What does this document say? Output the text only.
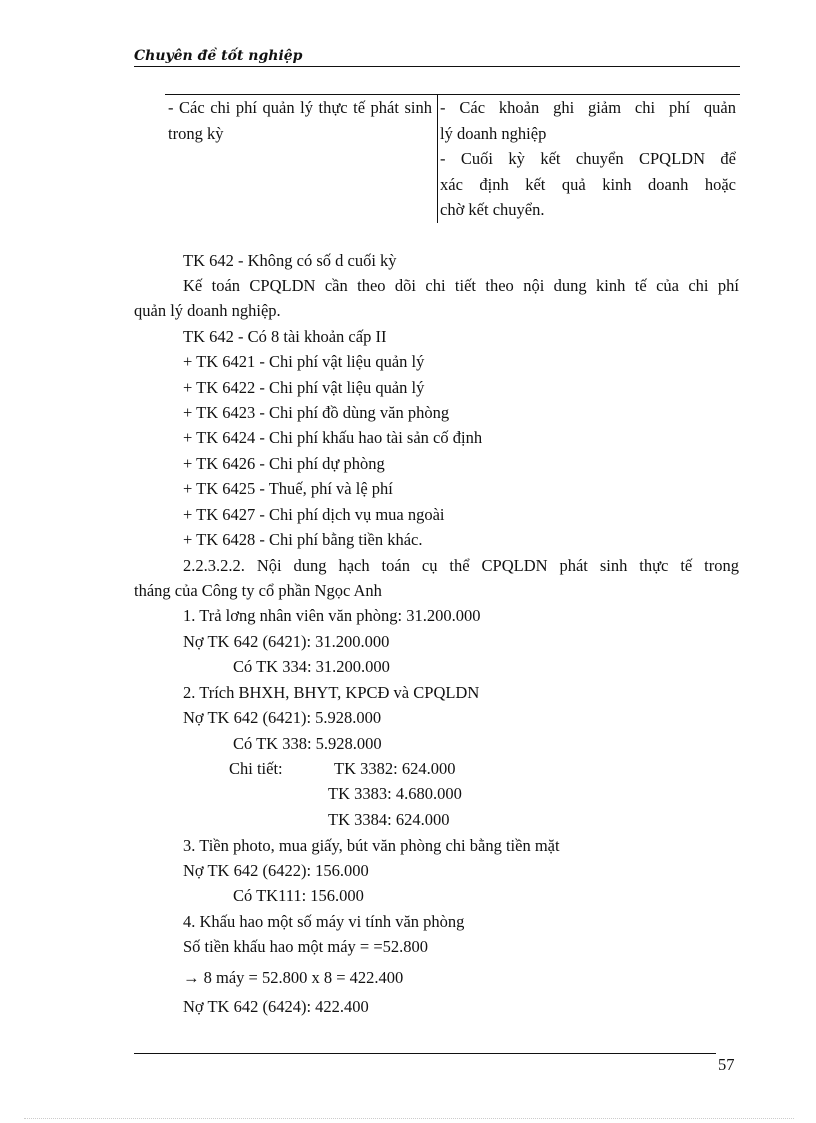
Chuyên đề tốt nghiệp
- Các chi phí quản lý thực tế phát sinh trong kỳ
- Các khoản ghi giảm chi phí quản
lý doanh nghiệp
- Cuối kỳ kết chuyển CPQLDN để
xác định kết quả kinh doanh hoặc
chờ kết chuyển.
TK 642 - Không có số d cuối kỳ
Kế toán CPQLDN cần theo dõi chi tiết theo nội dung kinh tế của chi phí
quản lý doanh nghiệp.
TK 642 - Có 8 tài khoản cấp II
+ TK 6421 - Chi phí vật liệu quản lý
+ TK 6422 - Chi phí vật liệu quản lý
+ TK 6423 - Chi phí đồ dùng văn phòng
+ TK 6424 - Chi phí khấu hao tài sản cố định
+ TK 6426 - Chi phí dự phòng
+ TK 6425 - Thuế, phí và lệ phí
+ TK 6427 - Chi phí dịch vụ mua ngoài
+ TK 6428 - Chi phí bằng tiền khác.
2.2.3.2.2. Nội dung hạch toán cụ thể CPQLDN phát sinh thực tế trong
tháng của Công ty cổ phần Ngọc Anh
1. Trả lơng nhân viên văn phòng: 31.200.000
Nợ TK 642 (6421): 31.200.000
Có TK 334: 31.200.000
2. Trích BHXH, BHYT, KPCĐ và CPQLDN
Nợ TK 642 (6421): 5.928.000
Có TK 338: 5.928.000
Chi tiết:	TK 3382: 624.000
TK 3383: 4.680.000
TK 3384: 624.000
3. Tiền photo, mua giấy, bút văn phòng chi bằng tiền mặt
Nợ TK 642 (6422): 156.000
Có TK111: 156.000
4. Khấu hao một số máy vi tính văn phòng
Số tiền khấu hao một máy = =52.800
→ 8 máy = 52.800 x 8 = 422.400
Nợ TK 642 (6424): 422.400
57
